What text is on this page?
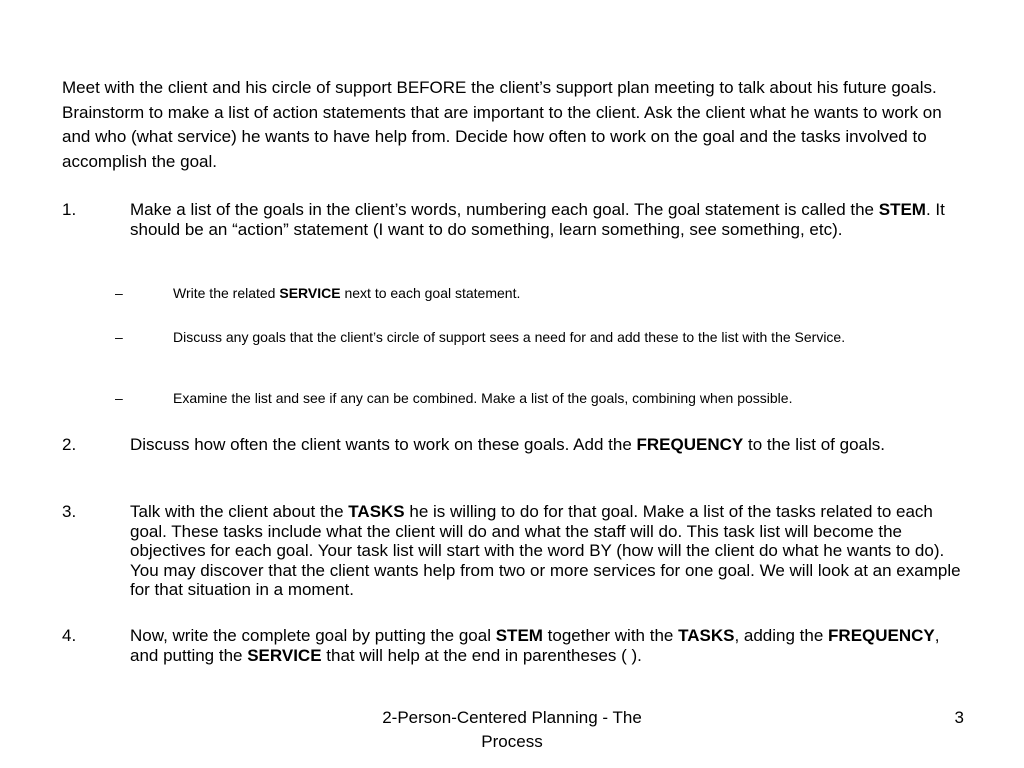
Meet with the client and his circle of support BEFORE the client’s support plan meeting to talk about his future goals. Brainstorm to make a list of action statements that are important to the client. Ask the client what he wants to work on and who (what service) he wants to have help from. Decide how often to work on the goal and the tasks involved to accomplish the goal.
1.	Make a list of the goals in the client’s words, numbering each goal. The goal statement is called the STEM. It should be an “action” statement (I want to do something, learn something, see something, etc).
–	Write the related SERVICE next to each goal statement.
–	Discuss any goals that the client’s circle of support sees a need for and add these to the list with the Service.
–	Examine the list and see if any can be combined. Make a list of the goals, combining when possible.
2.	Discuss how often the client wants to work on these goals. Add the FREQUENCY to the list of goals.
3.	Talk with the client about the TASKS he is willing to do for that goal. Make a list of the tasks related to each goal. These tasks include what the client will do and what the staff will do. This task list will become the objectives for each goal. Your task list will start with the word BY (how will the client do what he wants to do). You may discover that the client wants help from two or more services for one goal. We will look at an example for that situation in a moment.
4.	Now, write the complete goal by putting the goal STEM together with the TASKS, adding the FREQUENCY, and putting the SERVICE that will help at the end in parentheses ( ).
2-Person-Centered Planning - The Process
3
